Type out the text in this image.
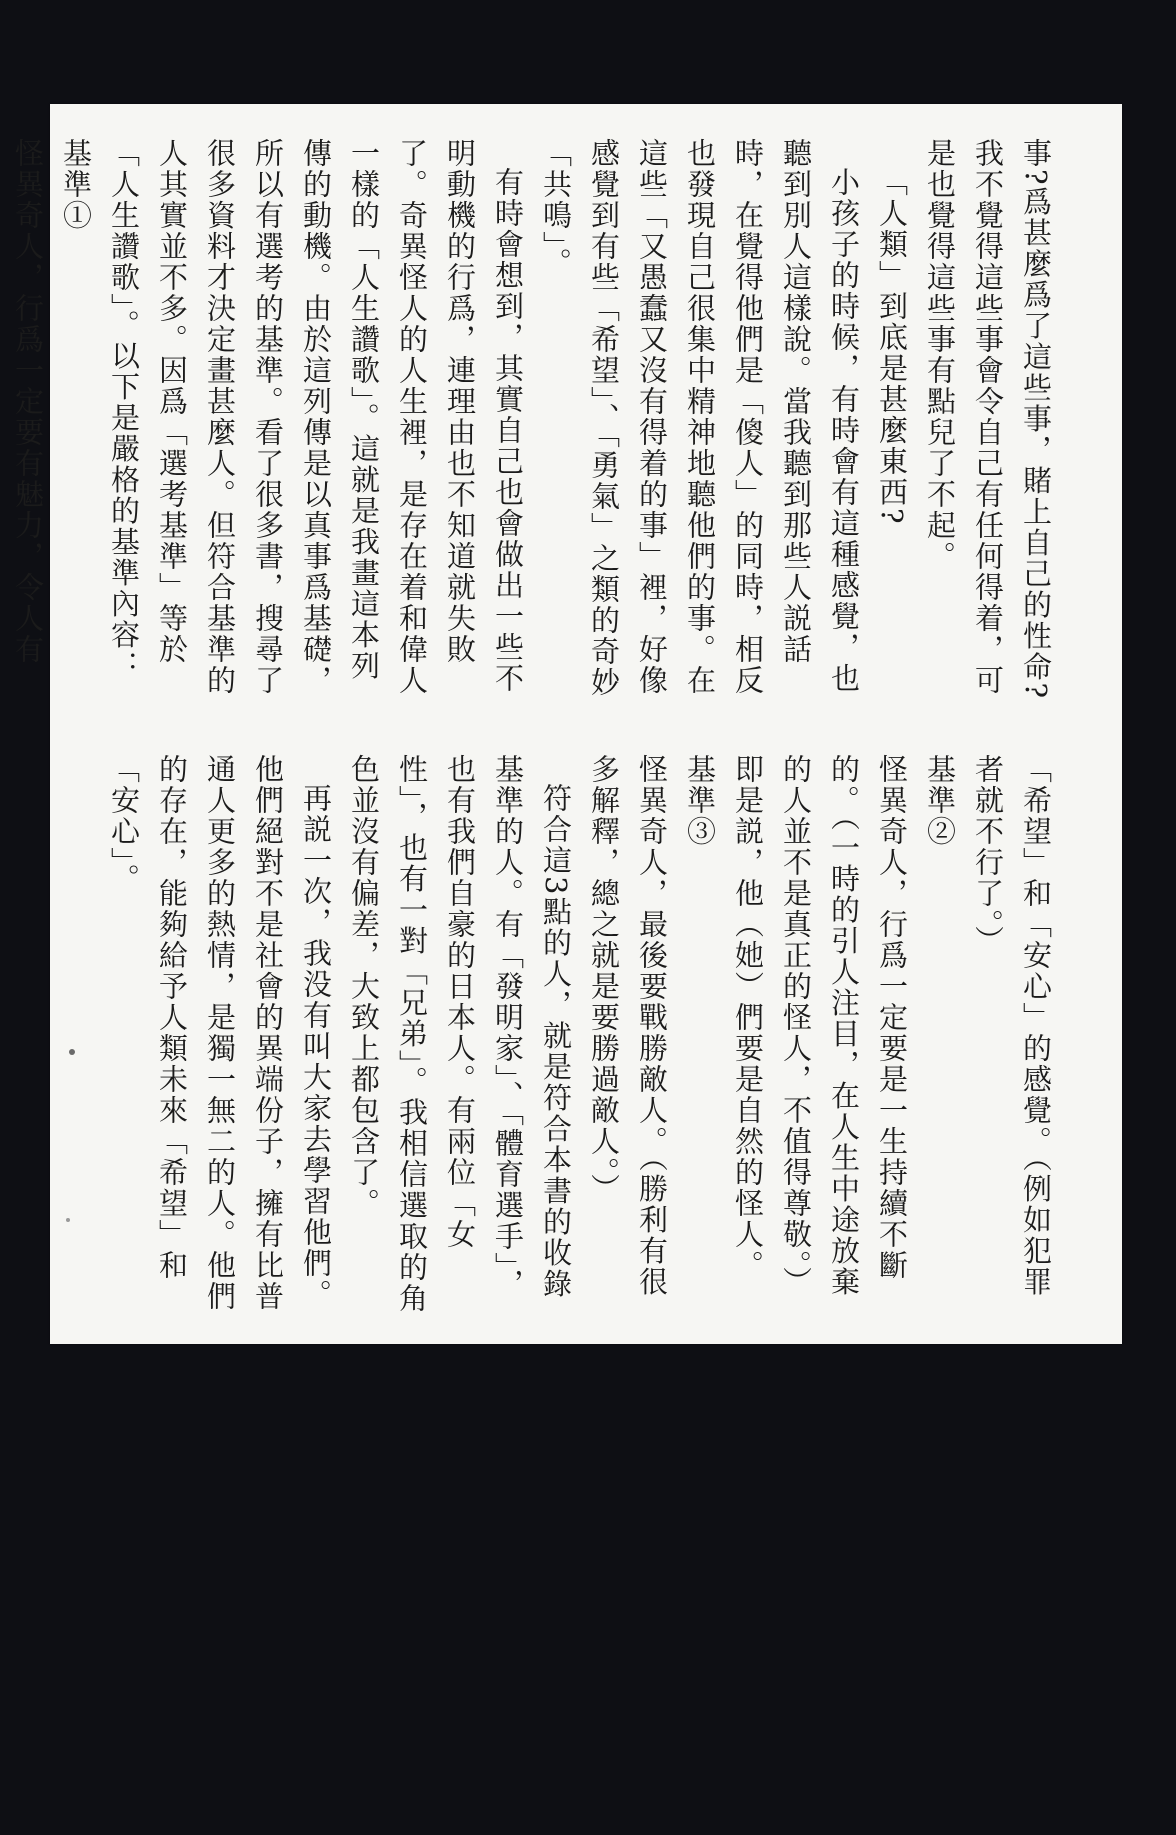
事?爲甚麼爲了這些事，賭上自己的性命?我不覺得這些事會令自己有任何得着，可是也覺得這些事有點兒了不起。

「人類」到底是甚麼東西?

小孩子的時候，有時會有這種感覺，也聽到別人這樣說。當我聽到那些人説話時，在覺得他們是「傻人」的同時，相反也發現自己很集中精神地聽他們的事。在這些「又愚蠢又沒有得着的事」裡，好像感覺到有些「希望」、「勇氣」之類的奇妙「共鳴」。

有時會想到，其實自己也會做出一些不明動機的行爲，連理由也不知道就失敗了。奇異怪人的人生裡，是存在着和偉人一樣的「人生讚歌」。這就是我畫這本列傳的動機。由於這列傳是以真事爲基礎，所以有選考的基準。看了很多書，搜尋了很多資料才決定畫甚麼人。但符合基準的人其實並不多。因爲「選考基準」等於「人生讚歌」。以下是嚴格的基準內容：

基準①

怪異奇人，行爲一定要有魅力，令人有

「希望」和「安心」的感覺。（例如犯罪者就不行了。）

基準②

怪異奇人，行爲一定要是一生持續不斷的。（一時的引人注目，在人生中途放棄的人並不是真正的怪人，不值得尊敬。）即是説，他（她）們要是自然的怪人。

基準③

怪異奇人，最後要戰勝敵人。（勝利有很多解釋，總之就是要勝過敵人。）

符合這3點的人，就是符合本書的收錄基準的人。有「發明家」、「體育選手」，也有我們自豪的日本人。有兩位「女性」，也有一對「兄弟」。我相信選取的角色並沒有偏差，大致上都包含了。

再説一次，我没有叫大家去學習他們。他們絕對不是社會的異端份子，擁有比普通人更多的熱情，是獨一無二的人。他們的存在，能夠給予人類未來「希望」和「安心」。
